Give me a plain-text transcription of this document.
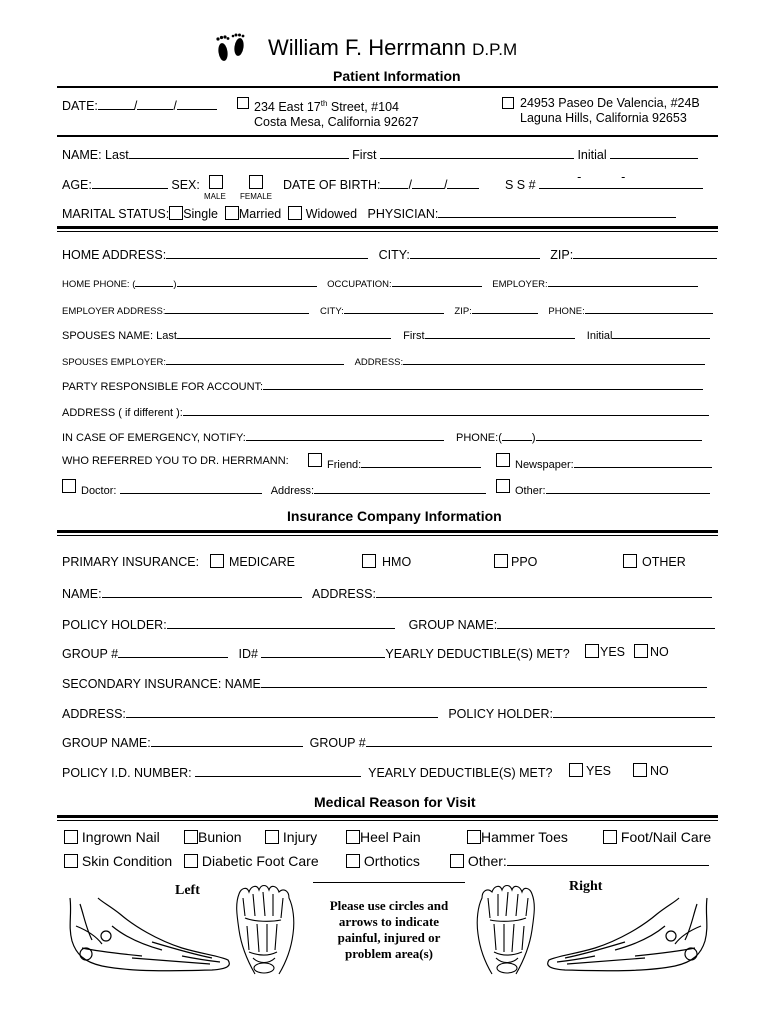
William F. Herrmann D.P.M
Patient Information
DATE:	/	/	234 East 17th Street, #104
Costa Mesa, California 92627
24953 Paseo De Valencia, #24B
Laguna Hills, California 92653
NAME: Last	First	Initial
AGE:	SEX:
MALE FEMALE
DATE OF BIRTH: /	/	S S #
-	-
MARITAL STATUS: Single Married Widowed PHYSICIAN:
HOME ADDRESS:	CITY:	ZIP:
HOME PHONE: (	)	OCCUPATION:	EMPLOYER:
EMPLOYER ADDRESS:	CITY:	ZIP:	PHONE:
SPOUSES NAME: Last	First	Initial
SPOUSES EMPLOYER:	ADDRESS:
PARTY RESPONSIBLE FOR ACCOUNT:
ADDRESS ( if different ):
IN CASE OF EMERGENCY, NOTIFY:	PHONE:(	)
WHO REFERRED YOU TO DR. HERRMANN:	Friend:	Newspaper:
Doctor:	Address:	Other:
Insurance Company Information
PRIMARY INSURANCE: MEDICARE	HMO	PPO	OTHER
NAME:	ADDRESS:
POLICY HOLDER:	GROUP NAME:
GROUP #	ID#	YEARLY DEDUCTIBLE(S) MET? YES NO
SECONDARY INSURANCE: NAME
ADDRESS:	POLICY HOLDER:
GROUP NAME:	GROUP #
POLICY I.D. NUMBER:	YEARLY DEDUCTIBLE(S) MET?	YES	NO
Medical Reason for Visit
Ingrown Nail	Bunion	Injury	Heel Pain	Hammer Toes	Foot/Nail Care
Skin Condition	Diabetic Foot Care	Orthotics	Other:
Left	Right
Please use circles and
arrows to indicate
painful, injured or
problem area(s)
